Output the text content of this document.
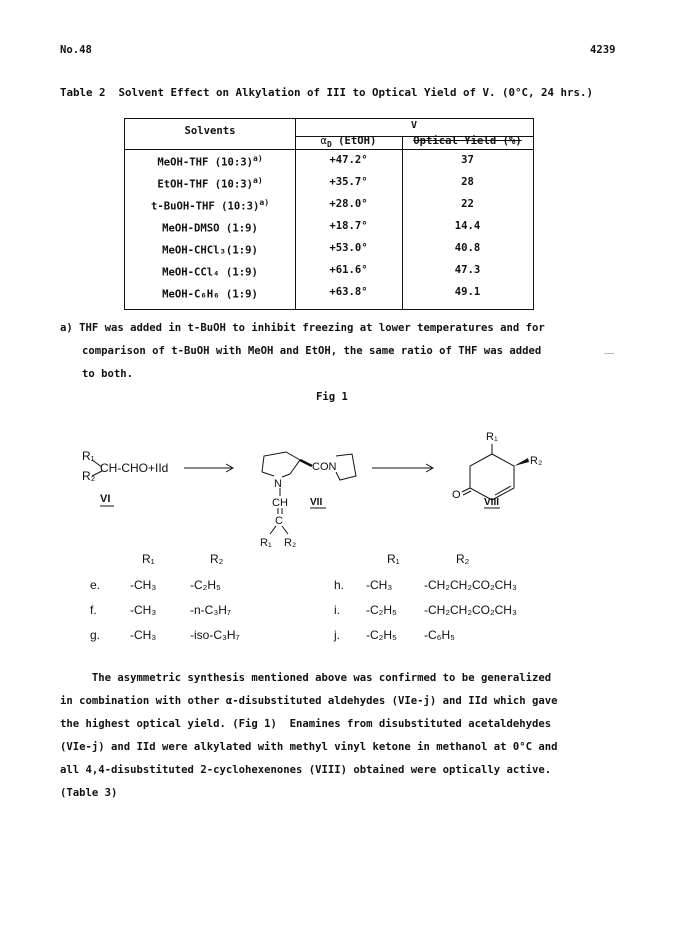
No.48	4239
Table 2  Solvent Effect on Alkylation of III to Optical Yield of V. (0°C, 24 hrs.)
Solvents	V
$\alpha_D$ (EtOH)	Optical Yield (%)
MeOH-THF (10:3)$^{a)}$	+47.2°	37
EtOH-THF (10:3)$^{a)}$	+35.7°	28
t-BuOH-THF (10:3)$^{a)}$	+28.0°	22
MeOH-DMSO (1:9)	+18.7°	14.4
MeOH-CHCl₃(1:9)	+53.0°	40.8
MeOH-CCl₄ (1:9)	+61.6°	47.3
MeOH-C₆H₆ (1:9)	+63.8°	49.1
a) THF was added in t-BuOH to inhibit freezing at lower temperatures and for
comparison of t-BuOH with MeOH and EtOH, the same ratio of THF was added
to both.
Fig 1
R₁
R₂
CH-CHO+IId
VI
N
CON
CH
C
R₁ R₂
VII
R₁
R₂
O
VIII
R₁	R₂	R₁	R₂
e. -CH₃	-C₂H₅
f.	-CH₃	-n-C₃H₇
g. -CH₃	-iso-C₃H₇
h. -CH₃	-CH₂CH₂CO₂CH₃
i. -C₂H₅ -CH₂CH₂CO₂CH₃
j. -C₂H₅ -C₆H₅
The asymmetric synthesis mentioned above was confirmed to be generalized
in combination with other α-disubstituted aldehydes (VIe-j) and IId which gave
the highest optical yield. (Fig 1)  Enamines from disubstituted acetaldehydes
(VIe-j) and IId were alkylated with methyl vinyl ketone in methanol at 0°C and
all 4,4-disubstituted 2-cyclohexenones (VIII) obtained were optically active.
(Table 3)
